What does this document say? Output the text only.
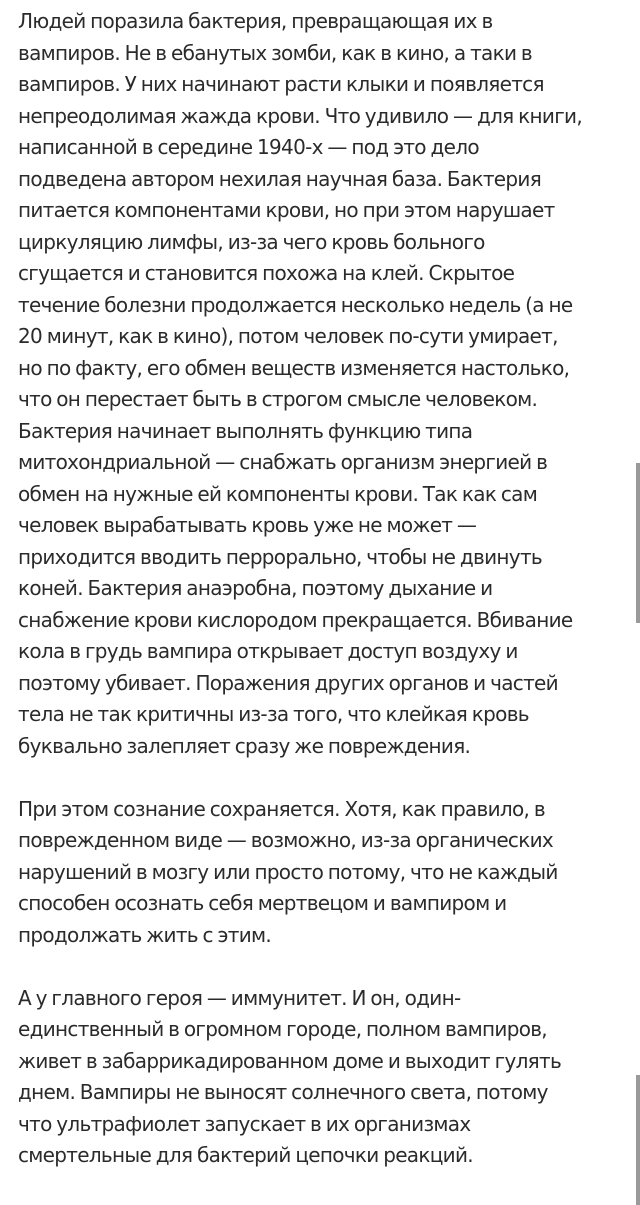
Людей поразила бактерия, превращающая их в
вампиров. Не в ебанутых зомби, как в кино, а таки в
вампиров. У них начинают расти клыки и появляется
непреодолимая жажда крови. Что удивило — для книги,
написанной в середине 1940-х — под это дело
подведена автором нехилая научная база. Бактерия
питается компонентами крови, но при этом нарушает
циркуляцию лимфы, из-за чего кровь больного
сгущается и становится похожа на клей. Скрытое
течение болезни продолжается несколько недель (а не
20 минут, как в кино), потом человек по-сути умирает,
но по факту, его обмен веществ изменяется настолько,
что он перестает быть в строгом смысле человеком.
Бактерия начинает выполнять функцию типа
митохондриальной — снабжать организм энергией в
обмен на нужные ей компоненты крови. Так как сам
человек вырабатывать кровь уже не может —
приходится вводить перрорально, чтобы не двинуть
коней. Бактерия анаэробна, поэтому дыхание и
снабжение крови кислородом прекращается. Вбивание
кола в грудь вампира открывает доступ воздуху и
поэтому убивает. Поражения других органов и частей
тела не так критичны из-за того, что клейкая кровь
буквально залепляет сразу же повреждения.

При этом сознание сохраняется. Хотя, как правило, в
поврежденном виде — возможно, из-за органических
нарушений в мозгу или просто потому, что не каждый
способен осознать себя мертвецом и вампиром и
продолжать жить с этим.

А у главного героя — иммунитет. И он, один-
единственный в огромном городе, полном вампиров,
живет в забаррикадированном доме и выходит гулять
днем. Вампиры не выносят солнечного света, потому
что ультрафиолет запускает в их организмах
смертельные для бактерий цепочки реакций.
